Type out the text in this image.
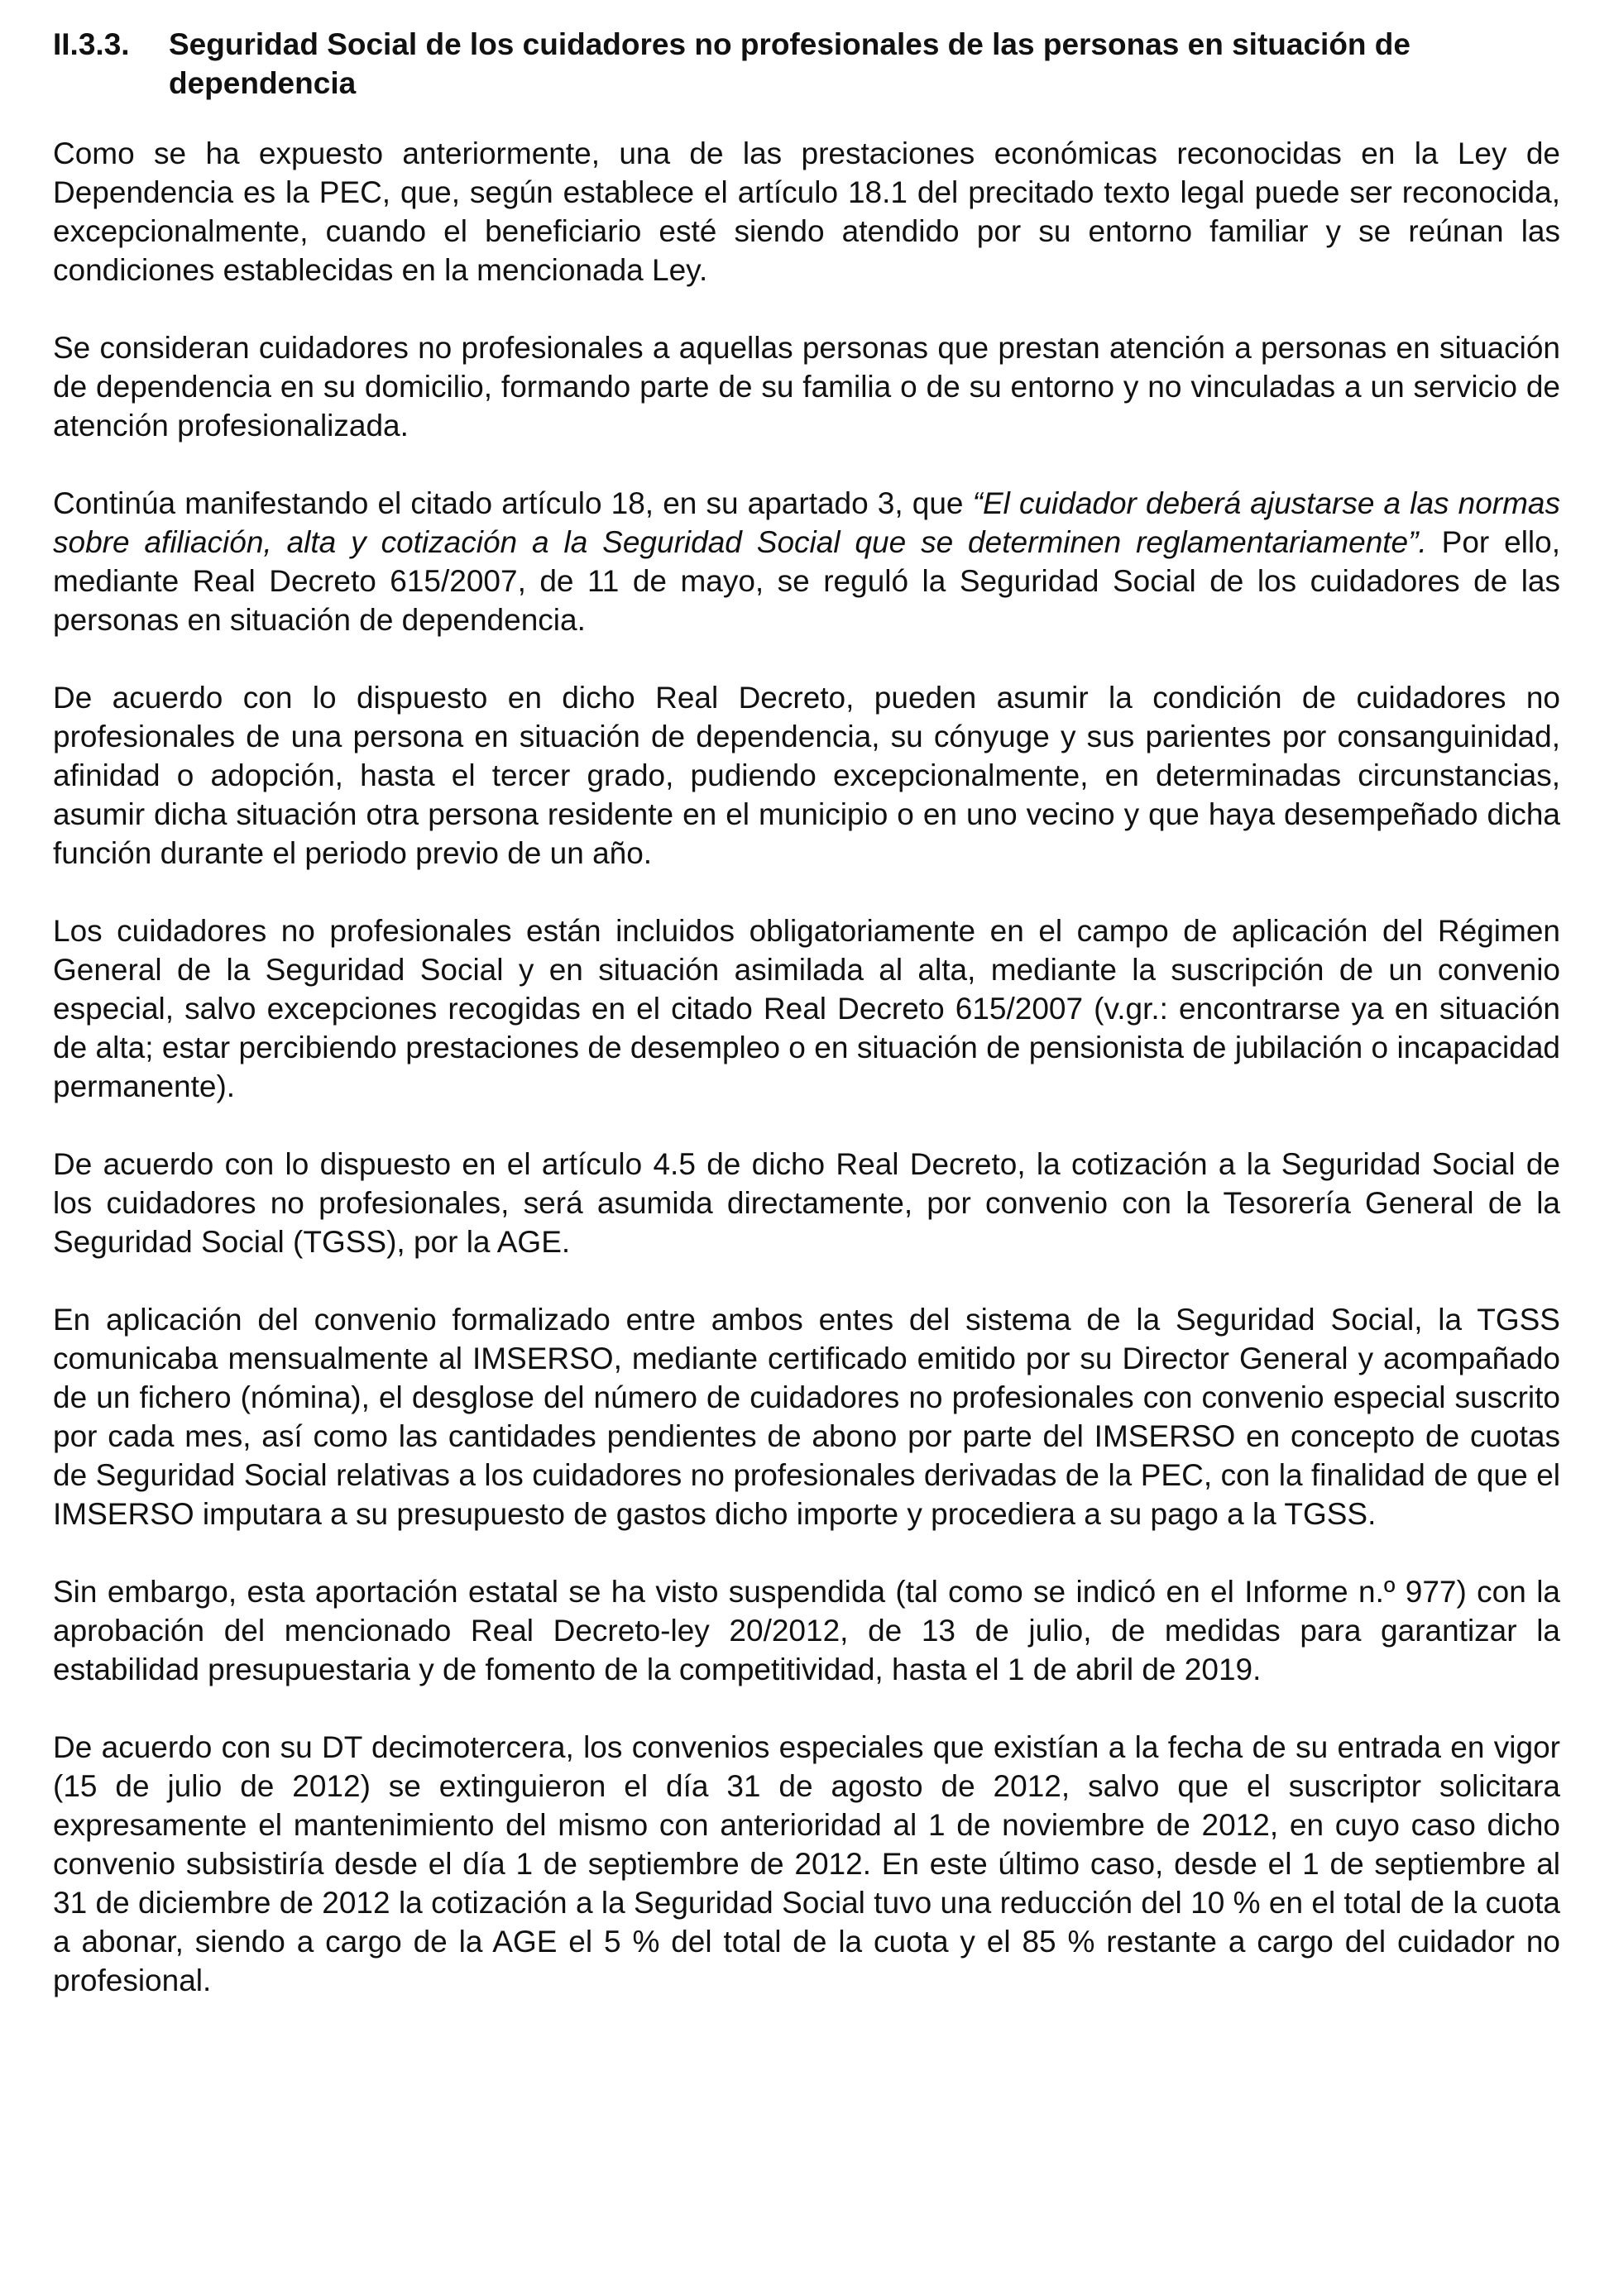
II.3.3.	Seguridad Social de los cuidadores no profesionales de las personas en situación de dependencia

Como se ha expuesto anteriormente, una de las prestaciones económicas reconocidas en la Ley de Dependencia es la PEC, que, según establece el artículo 18.1 del precitado texto legal puede ser reconocida, excepcionalmente, cuando el beneficiario esté siendo atendido por su entorno familiar y se reúnan las condiciones establecidas en la mencionada Ley.

Se consideran cuidadores no profesionales a aquellas personas que prestan atención a personas en situación de dependencia en su domicilio, formando parte de su familia o de su entorno y no vinculadas a un servicio de atención profesionalizada.

Continúa manifestando el citado artículo 18, en su apartado 3, que “El cuidador deberá ajustarse a las normas sobre afiliación, alta y cotización a la Seguridad Social que se determinen reglamentariamente”. Por ello, mediante Real Decreto 615/2007, de 11 de mayo, se reguló la Seguridad Social de los cuidadores de las personas en situación de dependencia.

De acuerdo con lo dispuesto en dicho Real Decreto, pueden asumir la condición de cuidadores no profesionales de una persona en situación de dependencia, su cónyuge y sus parientes por consanguinidad, afinidad o adopción, hasta el tercer grado, pudiendo excepcionalmente, en determinadas circunstancias, asumir dicha situación otra persona residente en el municipio o en uno vecino y que haya desempeñado dicha función durante el periodo previo de un año.

Los cuidadores no profesionales están incluidos obligatoriamente en el campo de aplicación del Régimen General de la Seguridad Social y en situación asimilada al alta, mediante la suscripción de un convenio especial, salvo excepciones recogidas en el citado Real Decreto 615/2007 (v.gr.: encontrarse ya en situación de alta; estar percibiendo prestaciones de desempleo o en situación de pensionista de jubilación o incapacidad permanente).

De acuerdo con lo dispuesto en el artículo 4.5 de dicho Real Decreto, la cotización a la Seguridad Social de los cuidadores no profesionales, será asumida directamente, por convenio con la Tesorería General de la Seguridad Social (TGSS), por la AGE.

En aplicación del convenio formalizado entre ambos entes del sistema de la Seguridad Social, la TGSS comunicaba mensualmente al IMSERSO, mediante certificado emitido por su Director General y acompañado de un fichero (nómina), el desglose del número de cuidadores no profesionales con convenio especial suscrito por cada mes, así como las cantidades pendientes de abono por parte del IMSERSO en concepto de cuotas de Seguridad Social relativas a los cuidadores no profesionales derivadas de la PEC, con la finalidad de que el IMSERSO imputara a su presupuesto de gastos dicho importe y procediera a su pago a la TGSS.

Sin embargo, esta aportación estatal se ha visto suspendida (tal como se indicó en el Informe n.º 977) con la aprobación del mencionado Real Decreto-ley 20/2012, de 13 de julio, de medidas para garantizar la estabilidad presupuestaria y de fomento de la competitividad, hasta el 1 de abril de 2019.

De acuerdo con su DT decimotercera, los convenios especiales que existían a la fecha de su entrada en vigor (15 de julio de 2012) se extinguieron el día 31 de agosto de 2012, salvo que el suscriptor solicitara expresamente el mantenimiento del mismo con anterioridad al 1 de noviembre de 2012, en cuyo caso dicho convenio subsistiría desde el día 1 de septiembre de 2012. En este último caso, desde el 1 de septiembre al 31 de diciembre de 2012 la cotización a la Seguridad Social tuvo una reducción del 10 % en el total de la cuota a abonar, siendo a cargo de la AGE el 5 % del total de la cuota y el 85 % restante a cargo del cuidador no profesional.
